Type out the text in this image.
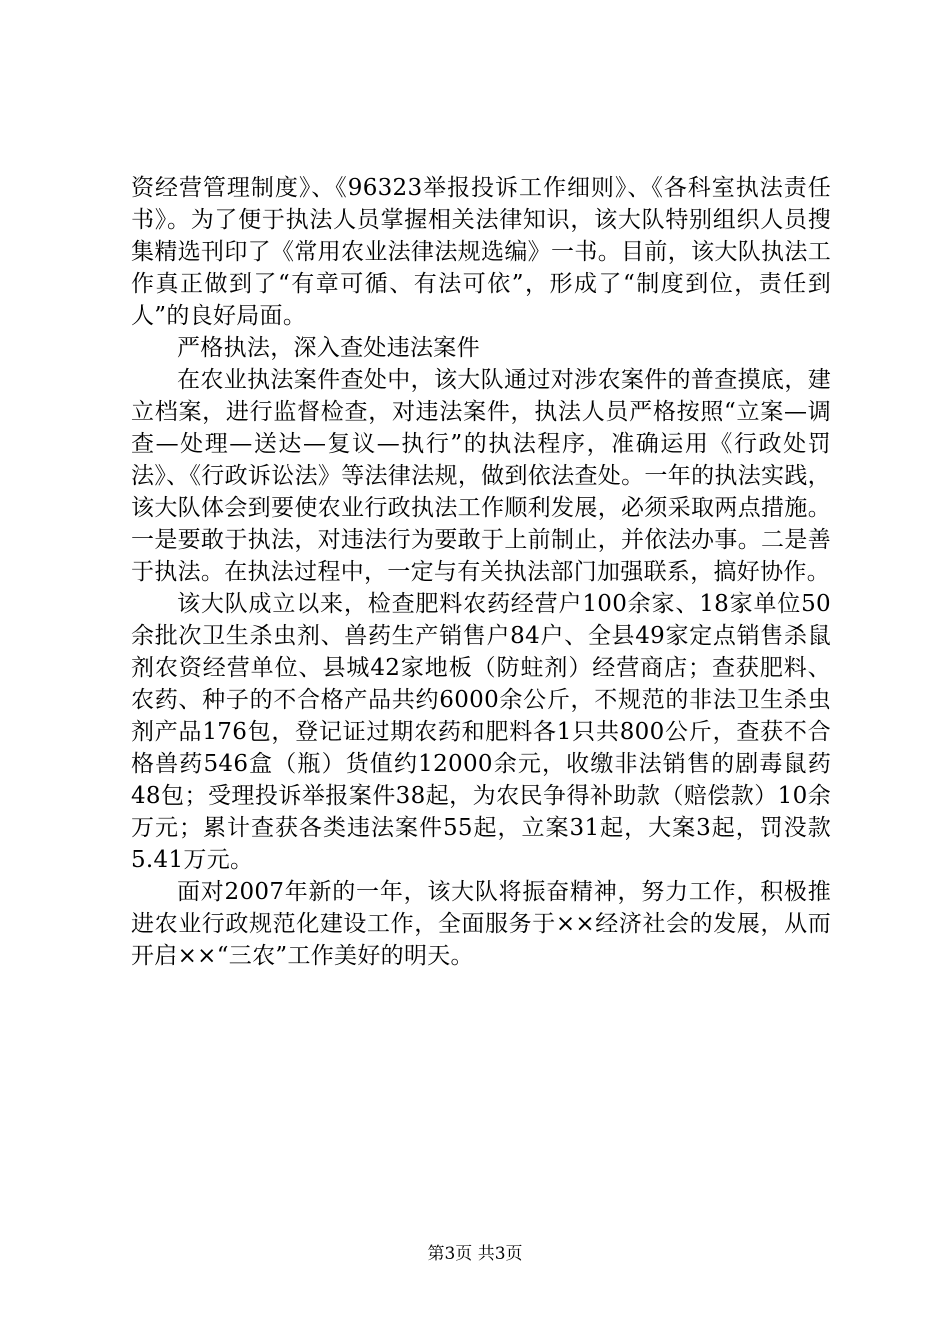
资经营管理制度》、《96323举报投诉工作细则》、《各科室执法责任书》。为了便于执法人员掌握相关法律知识，该大队特别组织人员搜集精选刊印了《常用农业法律法规选编》一书。目前，该大队执法工作真正做到了“有章可循、有法可依”，形成了“制度到位，责任到人”的良好局面。

严格执法，深入查处违法案件

在农业执法案件查处中，该大队通过对涉农案件的普查摸底，建立档案，进行监督检查，对违法案件，执法人员严格按照“立案—调查—处理—送达—复议—执行”的执法程序，准确运用《行政处罚法》、《行政诉讼法》等法律法规，做到依法查处。一年的执法实践，该大队体会到要使农业行政执法工作顺利发展，必须采取两点措施。一是要敢于执法，对违法行为要敢于上前制止，并依法办事。二是善于执法。在执法过程中，一定与有关执法部门加强联系，搞好协作。

该大队成立以来，检查肥料农药经营户100余家、18家单位50余批次卫生杀虫剂、兽药生产销售户84户、全县49家定点销售杀鼠剂农资经营单位、县城42家地板（防蛀剂）经营商店；查获肥料、农药、种子的不合格产品共约6000余公斤，不规范的非法卫生杀虫剂产品176包，登记证过期农药和肥料各1只共800公斤，查获不合格兽药546盒（瓶）货值约12000余元，收缴非法销售的剧毒鼠药48包；受理投诉举报案件38起，为农民争得补助款（赔偿款）10余万元；累计查获各类违法案件55起，立案31起，大案3起，罚没款5.41万元。

面对2007年新的一年，该大队将振奋精神，努力工作，积极推进农业行政规范化建设工作，全面服务于××经济社会的发展，从而开启××“三农”工作美好的明天。

第3页 共3页
